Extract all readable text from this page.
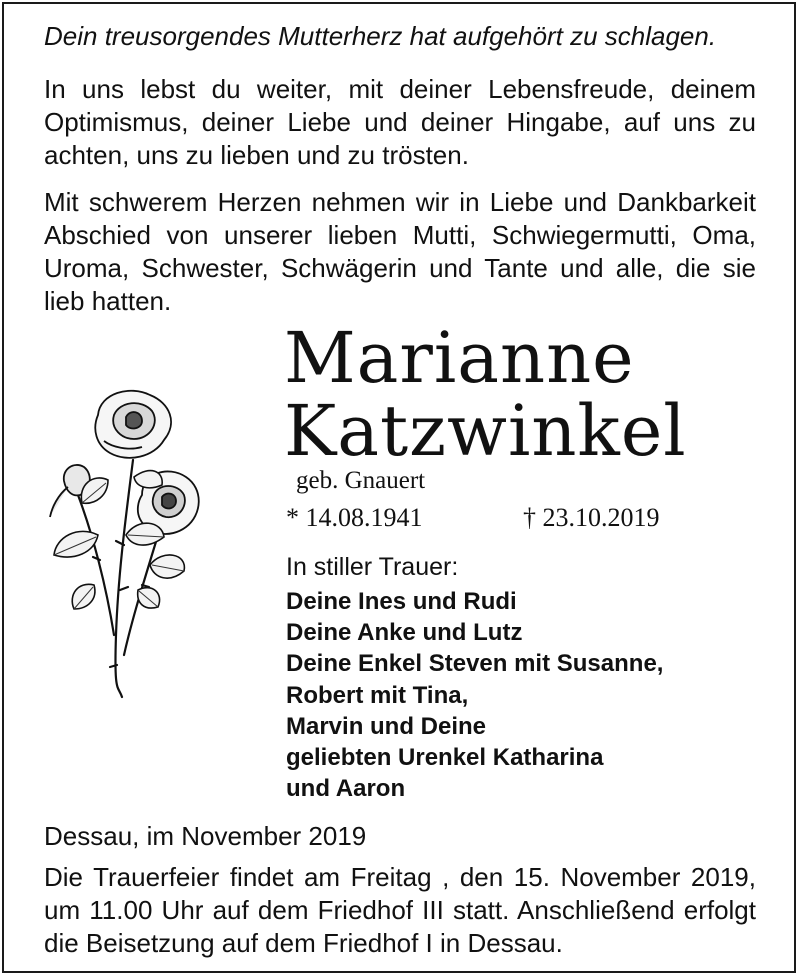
Dein treusorgendes Mutterherz hat aufgehört zu schlagen.

In uns lebst du weiter, mit deiner Lebensfreude, deinem Optimismus, deiner Liebe und deiner Hingabe, auf uns zu achten, uns zu lieben und zu trösten.

Mit schwerem Herzen nehmen wir in Liebe und Dankbarkeit Abschied von unserer lieben Mutti, Schwiegermutti, Oma, Uroma, Schwester, Schwägerin und Tante und alle, die sie lieb hatten.

Marianne
Katzwinkel
geb. Gnauert
* 14.08.1941	† 23.10.2019
In stiller Trauer:
Deine Ines und Rudi
Deine Anke und Lutz
Deine Enkel Steven mit Susanne,
Robert mit Tina,
Marvin und Deine
geliebten Urenkel Katharina
und Aaron
Dessau, im November 2019

Die Trauerfeier findet am Freitag , den 15. November 2019, um 11.00 Uhr auf dem Friedhof III statt. Anschließend erfolgt die Beisetzung auf dem Friedhof I in Dessau.
